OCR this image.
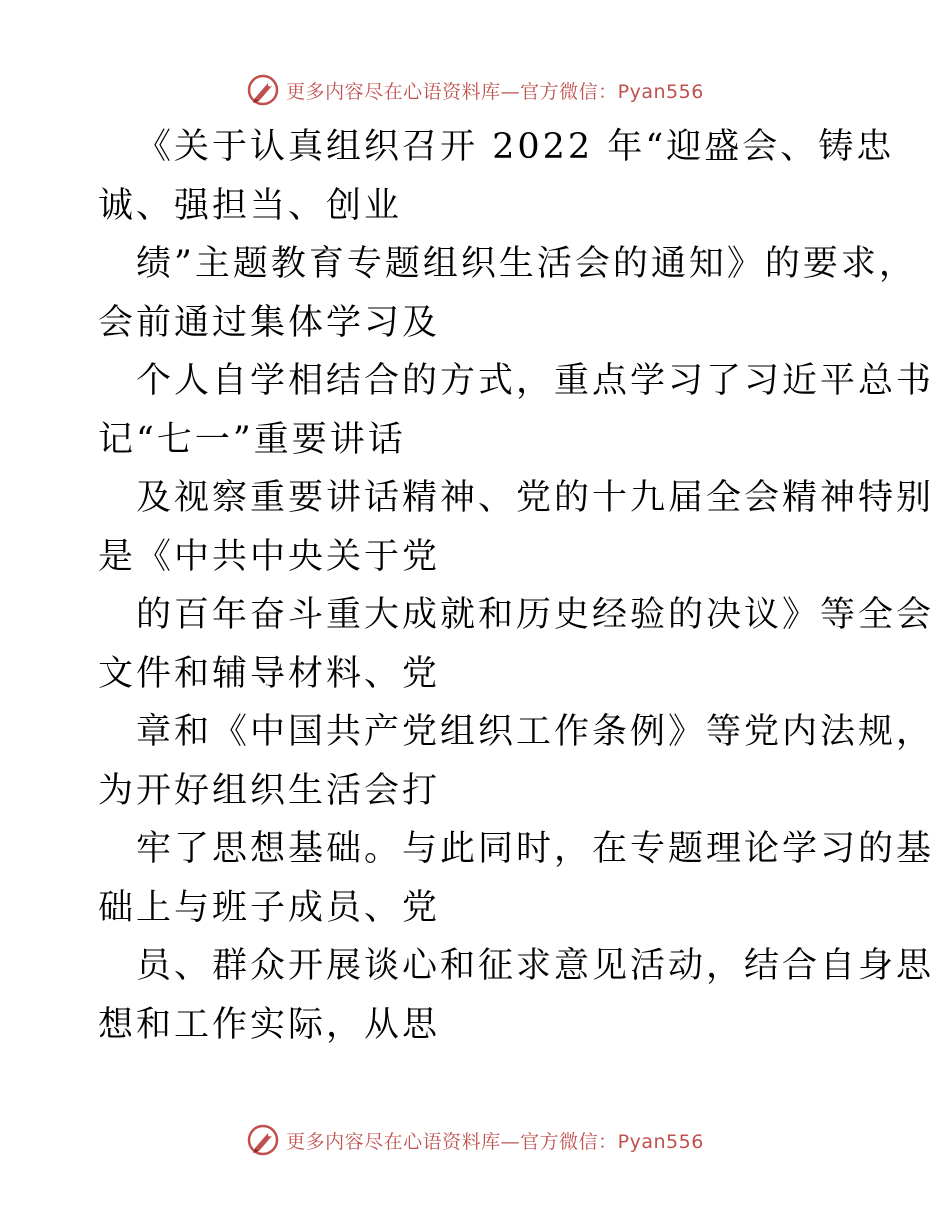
更多内容尽在心语资料库—官方微信：Pyan556
《关于认真组织召开 2022 年“迎盛会、铸忠
诚、强担当、创业
绩”主题教育专题组织生活会的通知》的要求，
会前通过集体学习及
个人自学相结合的方式，重点学习了习近平总书
记“七一”重要讲话
及视察重要讲话精神、党的十九届全会精神特别
是《中共中央关于党
的百年奋斗重大成就和历史经验的决议》等全会
文件和辅导材料、党
章和《中国共产党组织工作条例》等党内法规，
为开好组织生活会打
牢了思想基础。与此同时，在专题理论学习的基
础上与班子成员、党
员、群众开展谈心和征求意见活动，结合自身思
想和工作实际，从思
更多内容尽在心语资料库—官方微信：Pyan556
